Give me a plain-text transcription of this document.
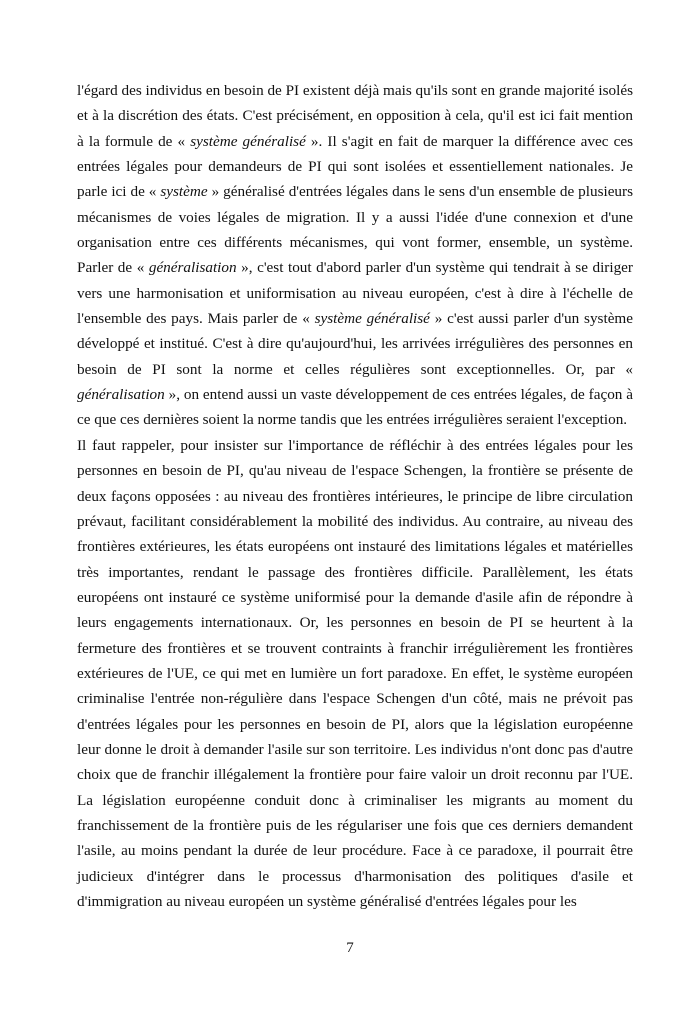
l'égard des individus en besoin de PI existent déjà mais qu'ils sont en grande majorité isolés et à la discrétion des états. C'est précisément, en opposition à cela, qu'il est ici fait mention à la formule de « système généralisé ». Il s'agit en fait de marquer la différence avec ces entrées légales pour demandeurs de PI qui sont isolées et essentiellement nationales. Je parle ici de « système » généralisé d'entrées légales dans le sens d'un ensemble de plusieurs mécanismes de voies légales de migration. Il y a aussi l'idée d'une connexion et d'une organisation entre ces différents mécanismes, qui vont former, ensemble, un système. Parler de « généralisation », c'est tout d'abord parler d'un système qui tendrait à se diriger vers une harmonisation et uniformisation au niveau européen, c'est à dire à l'échelle de l'ensemble des pays. Mais parler de « système généralisé » c'est aussi parler d'un système développé et institué. C'est à dire qu'aujourd'hui, les arrivées irrégulières des personnes en besoin de PI sont la norme et celles régulières sont exceptionnelles. Or, par « généralisation », on entend aussi un vaste développement de ces entrées légales, de façon à ce que ces dernières soient la norme tandis que les entrées irrégulières seraient l'exception.

Il faut rappeler, pour insister sur l'importance de réfléchir à des entrées légales pour les personnes en besoin de PI, qu'au niveau de l'espace Schengen, la frontière se présente de deux façons opposées : au niveau des frontières intérieures, le principe de libre circulation prévaut, facilitant considérablement la mobilité des individus. Au contraire, au niveau des frontières extérieures, les états européens ont instauré des limitations légales et matérielles très importantes, rendant le passage des frontières difficile. Parallèlement, les états européens ont instauré ce système uniformisé pour la demande d'asile afin de répondre à leurs engagements internationaux. Or, les personnes en besoin de PI se heurtent à la fermeture des frontières et se trouvent contraints à franchir irrégulièrement les frontières extérieures de l'UE, ce qui met en lumière un fort paradoxe. En effet, le système européen criminalise l'entrée non-régulière dans l'espace Schengen d'un côté, mais ne prévoit pas d'entrées légales pour les personnes en besoin de PI, alors que la législation européenne leur donne le droit à demander l'asile sur son territoire. Les individus n'ont donc pas d'autre choix que de franchir illégalement la frontière pour faire valoir un droit reconnu par l'UE. La législation européenne conduit donc à criminaliser les migrants au moment du franchissement de la frontière puis de les régulariser une fois que ces derniers demandent l'asile, au moins pendant la durée de leur procédure. Face à ce paradoxe, il pourrait être judicieux d'intégrer dans le processus d'harmonisation des politiques d'asile et d'immigration au niveau européen un système généralisé d'entrées légales pour les

7
